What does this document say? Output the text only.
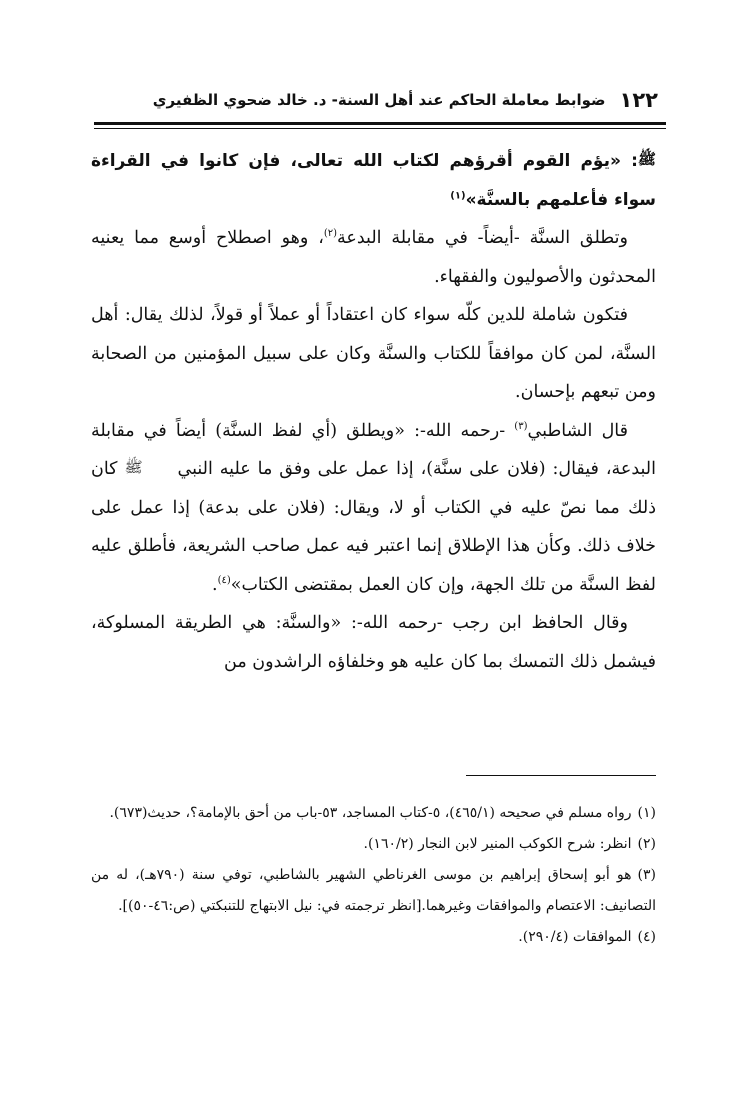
١٢٢
ضوابط معاملة الحاكم عند أهل السنة- د. خالد ضحوي الظفيري

ﷺ: «يؤم القوم أقرؤهم لكتاب الله تعالى، فإن كانوا في القراءة سواء فأعلمهم بالسنَّة»$^{(١)}$

وتطلق السنَّة -أيضاً- في مقابلة البدعة$^{(٢)}$، وهو اصطلاح أوسع مما يعنيه المحدثون والأصوليون والفقهاء.

فتكون شاملة للدين كلّه سواء كان اعتقاداً أو عملاً أو قولاً، لذلك يقال: أهل السنَّة، لمن كان موافقاً للكتاب والسنَّة وكان على سبيل المؤمنين من الصحابة ومن تبعهم بإحسان.

قال الشاطبي$^{(٣)}$ -رحمه الله-: «ويطلق (أي لفظ السنَّة) أيضاً في مقابلة البدعة، فيقال: (فلان على سنَّة)، إذا عمل على وفق ما عليه النبي ﷺ كان ذلك مما نصّ عليه في الكتاب أو لا، ويقال: (فلان على بدعة) إذا عمل على خلاف ذلك. وكأن هذا الإطلاق إنما اعتبر فيه عمل صاحب الشريعة، فأطلق عليه لفظ السنَّة من تلك الجهة، وإن كان العمل بمقتضى الكتاب»$^{(٤)}$.

وقال الحافظ ابن رجب -رحمه الله-: «والسنَّة: هي الطريقة المسلوكة، فيشمل ذلك التمسك بما كان عليه هو وخلفاؤه الراشدون من

(١)رواه مسلم في صحيحه (٤٦٥/١)، ٥-كتاب المساجد، ٥٣-باب من أحق بالإمامة؟، حديث(٦٧٣).

(٢)انظر: شرح الكوكب المنير لابن النجار (١٦٠/٢).

(٣)هو أبو إسحاق إبراهيم بن موسى الغرناطي الشهير بالشاطبي، توفي سنة (٧٩٠هـ)، له من التصانيف: الاعتصام والموافقات وغيرهما.[انظر ترجمته في: نيل الابتهاج للتنبكتي (ص:٤٦-٥٠)].

(٤)الموافقات (٢٩٠/٤).
